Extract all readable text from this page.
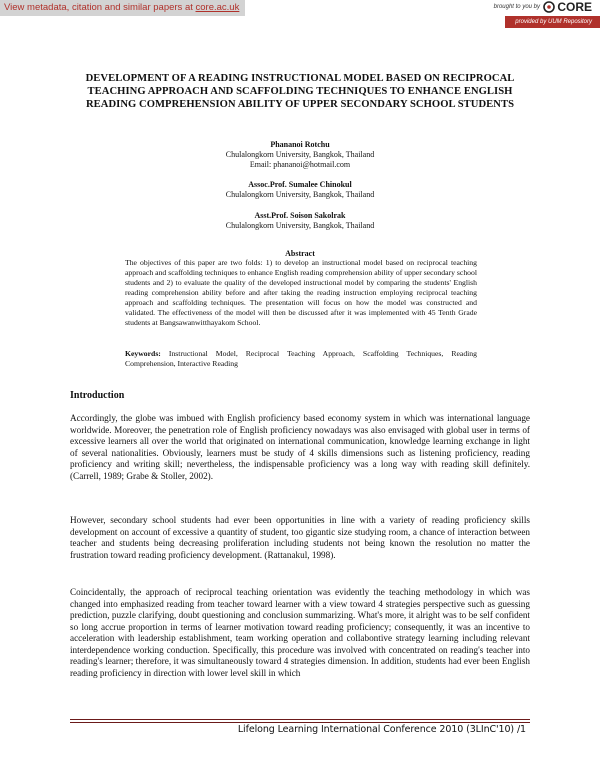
View metadata, citation and similar papers at core.ac.uk	brought to you by CORE
provided by UUM Repository
DEVELOPMENT OF A READING INSTRUCTIONAL MODEL BASED ON RECIPROCAL TEACHING APPROACH AND SCAFFOLDING TECHNIQUES TO ENHANCE ENGLISH READING COMPREHENSION ABILITY OF UPPER SECONDARY SCHOOL STUDENTS
Phananoi Rotchu
Chulalongkorn University, Bangkok, Thailand
Email: phananoi@hotmail.com
Assoc.Prof. Sumalee Chinokul
Chulalongkorn University, Bangkok, Thailand
Asst.Prof. Soison Sakolrak
Chulalongkorn University, Bangkok, Thailand
Abstract
The objectives of this paper are two folds: 1) to develop an instructional model based on reciprocal teaching approach and scaffolding techniques to enhance English reading comprehension ability of upper secondary school students and 2) to evaluate the quality of the developed instructional model by comparing the students' English reading comprehension ability before and after taking the reading instruction employing reciprocal teaching approach and scaffolding techniques. The presentation will focus on how the model was constructed and validated. The effectiveness of the model will then be discussed after it was implemented with 45 Tenth Grade students at Bangsawanwitthayakom School.
Keywords: Instructional Model, Reciprocal Teaching Approach, Scaffolding Techniques, Reading Comprehension, Interactive Reading
Introduction
Accordingly, the globe was imbued with English proficiency based economy system in which was international language worldwide. Moreover, the penetration role of English proficiency nowadays was also envisaged with global user in terms of excessive learners all over the world that originated on international communication, knowledge learning exchange in light of several nationalities. Obviously, learners must be study of 4 skills dimensions such as listening proficiency, reading proficiency and writing skill; nevertheless, the indispensable proficiency was a long way with reading skill definitely. (Carrell, 1989; Grabe & Stoller, 2002).
However, secondary school students had ever been opportunities in line with a variety of reading proficiency skills development on account of excessive a quantity of student, too gigantic size studying room, a chance of interaction between teacher and students being decreasing proliferation including students not being known the resolution no matter the frustration toward reading proficiency development. (Rattanakul, 1998).
Coincidentally, the approach of reciprocal teaching orientation was evidently the teaching methodology in which was changed into emphasized reading from teacher toward learner with a view toward 4 strategies perspective such as guessing prediction, puzzle clarifying, doubt questioning and conclusion summarizing. What's more, it alright was to be self confident so long accrue proportion in terms of learner motivation toward reading proficiency; consequently, it was an incentive to acceleration with leadership establishment, team working operation and collabontive strategy learning including relevant interdependence working conduction. Specifically, this procedure was involved with concentrated on reading's teacher into reading's learner; therefore, it was simultaneously toward 4 strategies dimension. In addition, students had ever been English reading proficiency in direction with lower level skill in which
Lifelong Learning International Conference 2010 (3LInC'10) /1
